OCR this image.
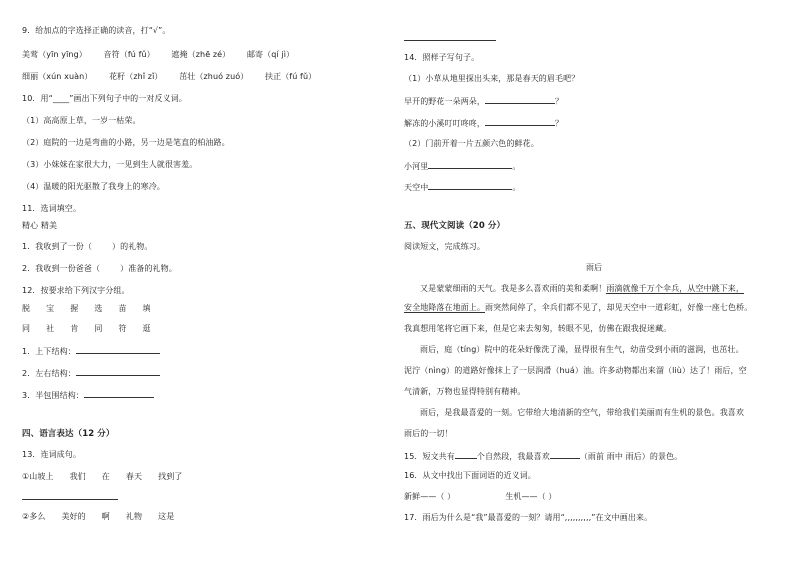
9．给加点的字选择正确的读音，打“√”。
美莺（yīn yīng） 音符（fú fǔ） 遮掩（zhē zé） 邮寄（qí jì）
细丽（xún xuàn） 花籽（zhǐ zǐ） 茁壮（zhuó zuó） 扶正（fú fǔ）
10．用“____”画出下列句子中的一对反义词。
（1）高高原上草，一岁一枯荣。
（2）庭院的一边是弯曲的小路，另一边是笔直的柏油路。
（3）小妹妹在家很大力，一见到生人就很害羞。
（4）温暖的阳光驱散了我身上的寒冷。
11．选词填空。
精心 精美
1．我收到了一份（	）的礼物。
2．我收到一份爸爸（	）准备的礼物。
12．按要求给下列汉字分组。
脱 宝 握 选 苗 填
同 社 肯 同 符 逛
1．上下结构：
2．左右结构：
3．半包围结构：
四、语言表达（12 分）
13．连词成句。
①山坡上 我们 在 春天 找到了
②多么 美好的 啊 礼物 这是
14．照样子写句子。
（1）小草从地里探出头来，那是春天的眉毛吧？
早开的野花一朵两朵，	？
解冻的小溪叮叮咚咚，	？
（2）门前开着一片五颜六色的鲜花。
小河里	。
天空中	。
五、现代文阅读（20 分）
阅读短文，完成练习。
雨后
又是蒙蒙细雨的天气。我是多么喜欢雨的美和柔啊！雨滴就像千万个伞兵，从空中跳下来，
安全地降落在地面上。雨突然间停了，伞兵们都不见了，却见天空中一道彩虹，好像一座七色桥。
我真想用笔将它画下来，但是它来去匆匆，转眼不见，仿佛在跟我捉迷藏。
雨后，庭（tíng）院中的花朵好像洗了澡，显得很有生气，幼苗受到小雨的滋润，也茁壮。
泥泞（nìng）的道路好像抹上了一层润滑（huá）油。许多动物都出来溜（liù）达了！雨后，空
气清新，万物也显得特别有精神。
雨后，是我最喜爱的一刻。它带给大地清新的空气，带给我们美丽而有生机的景色。我喜欢
雨后的一切！
15．短文共有	个自然段，我最喜欢	（雨前 雨中 雨后）的景色。
16．从文中找出下面词语的近义词。
新鲜——（ ）	生机——（ ）
17．雨后为什么是“我”最喜爱的一刻？请用“,,,,,,,,,,”在文中画出来。
